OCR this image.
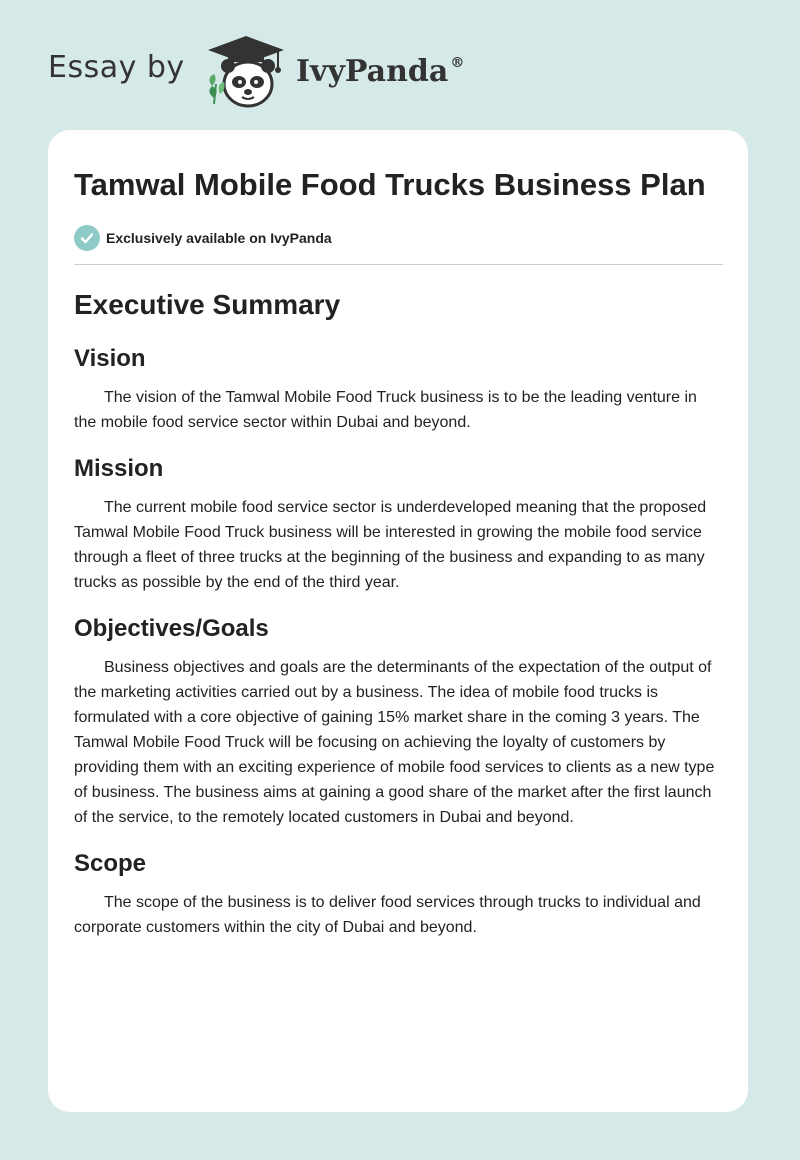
Essay by	IvyPanda ®
Tamwal Mobile Food Trucks Business Plan
Exclusively available on IvyPanda
Executive Summary
Vision

The vision of the Tamwal Mobile Food Truck business is to be the leading venture in the mobile food service sector within Dubai and beyond.

Mission

The current mobile food service sector is underdeveloped meaning that the proposed Tamwal Mobile Food Truck business will be interested in growing the mobile food service through a fleet of three trucks at the beginning of the business and expanding to as many trucks as possible by the end of the third year.

Objectives/Goals

Business objectives and goals are the determinants of the expectation of the output of the marketing activities carried out by a business. The idea of mobile food trucks is formulated with a core objective of gaining 15% market share in the coming 3 years. The Tamwal Mobile Food Truck will be focusing on achieving the loyalty of customers by providing them with an exciting experience of mobile food services to clients as a new type of business. The business aims at gaining a good share of the market after the first launch of the service, to the remotely located customers in Dubai and beyond.

Scope

The scope of the business is to deliver food services through trucks to individual and corporate customers within the city of Dubai and beyond.
